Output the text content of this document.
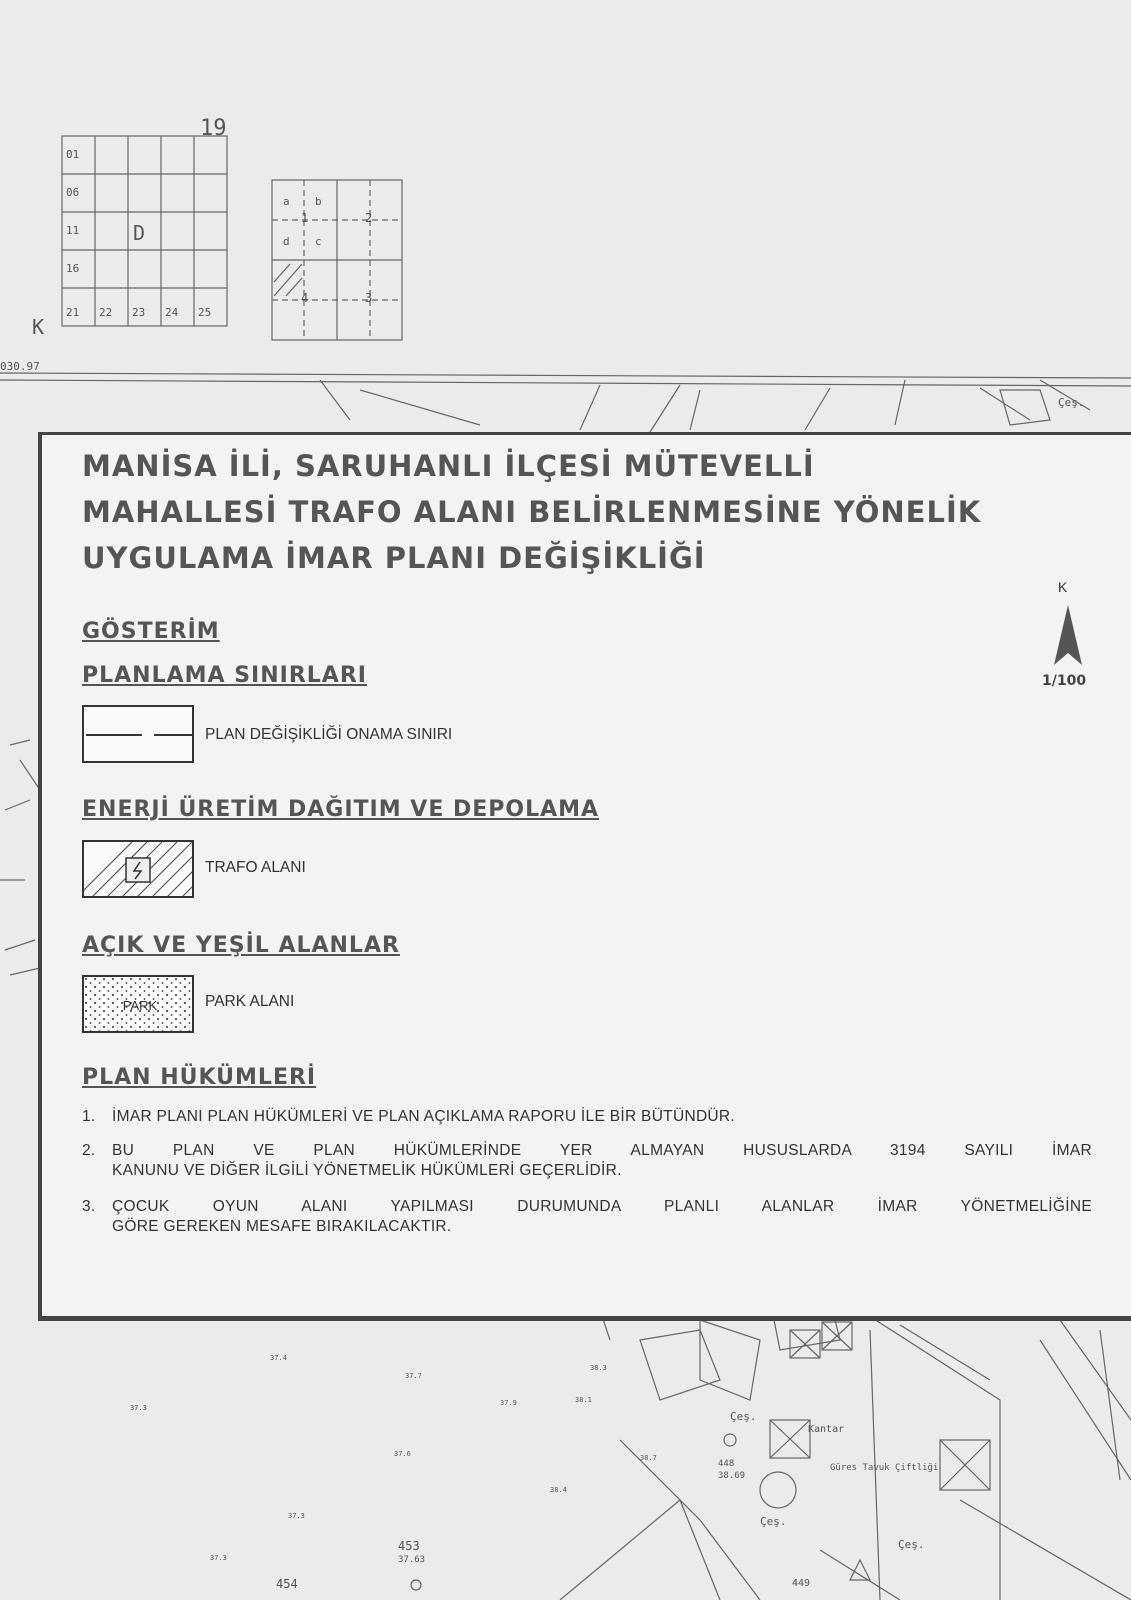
19
01
06
11
16
21 22 23 24 25
D
a b
c
d
1	2
3
4
K
030.97
37.3
37.4
37.7
37.9	38.1
38.3
37.6	38.7
38.4
37.3
37.3
448
38.69
453
37.63
454	449
Çeş.
Çeş.
Çeş.
Çeş.
Kantar
Güres Tavuk Çiftliği
MANİSA İLİ, SARUHANLI İLÇESİ MÜTEVELLİ
MAHALLESİ TRAFO ALANI BELİRLENMESİNE YÖNELİK
UYGULAMA İMAR PLANI DEĞİŞİKLİĞİ
K
1/100
GÖSTERİM
PLANLAMA SINIRLARI
PLAN DEĞİŞİKLİĞİ ONAMA SINIRI
ENERJİ ÜRETİM DAĞITIM VE DEPOLAMA
TRAFO ALANI
AÇIK VE YEŞİL ALANLAR
PARK	PARK ALANI
PLAN HÜKÜMLERİ
1. İMAR PLANI PLAN HÜKÜMLERİ VE PLAN AÇIKLAMA RAPORU İLE BİR BÜTÜNDÜR.
2. BU PLAN VE PLAN HÜKÜMLERİNDE YER ALMAYAN HUSUSLARDA 3194 SAYILI İMAR
KANUNU VE DİĞER İLGİLİ YÖNETMELİK HÜKÜMLERİ GEÇERLİDİR.
3. ÇOCUK OYUN ALANI YAPILMASI DURUMUNDA PLANLI ALANLAR İMAR YÖNETMELİĞİNE
GÖRE GEREKEN MESAFE BIRAKILACAKTIR.
